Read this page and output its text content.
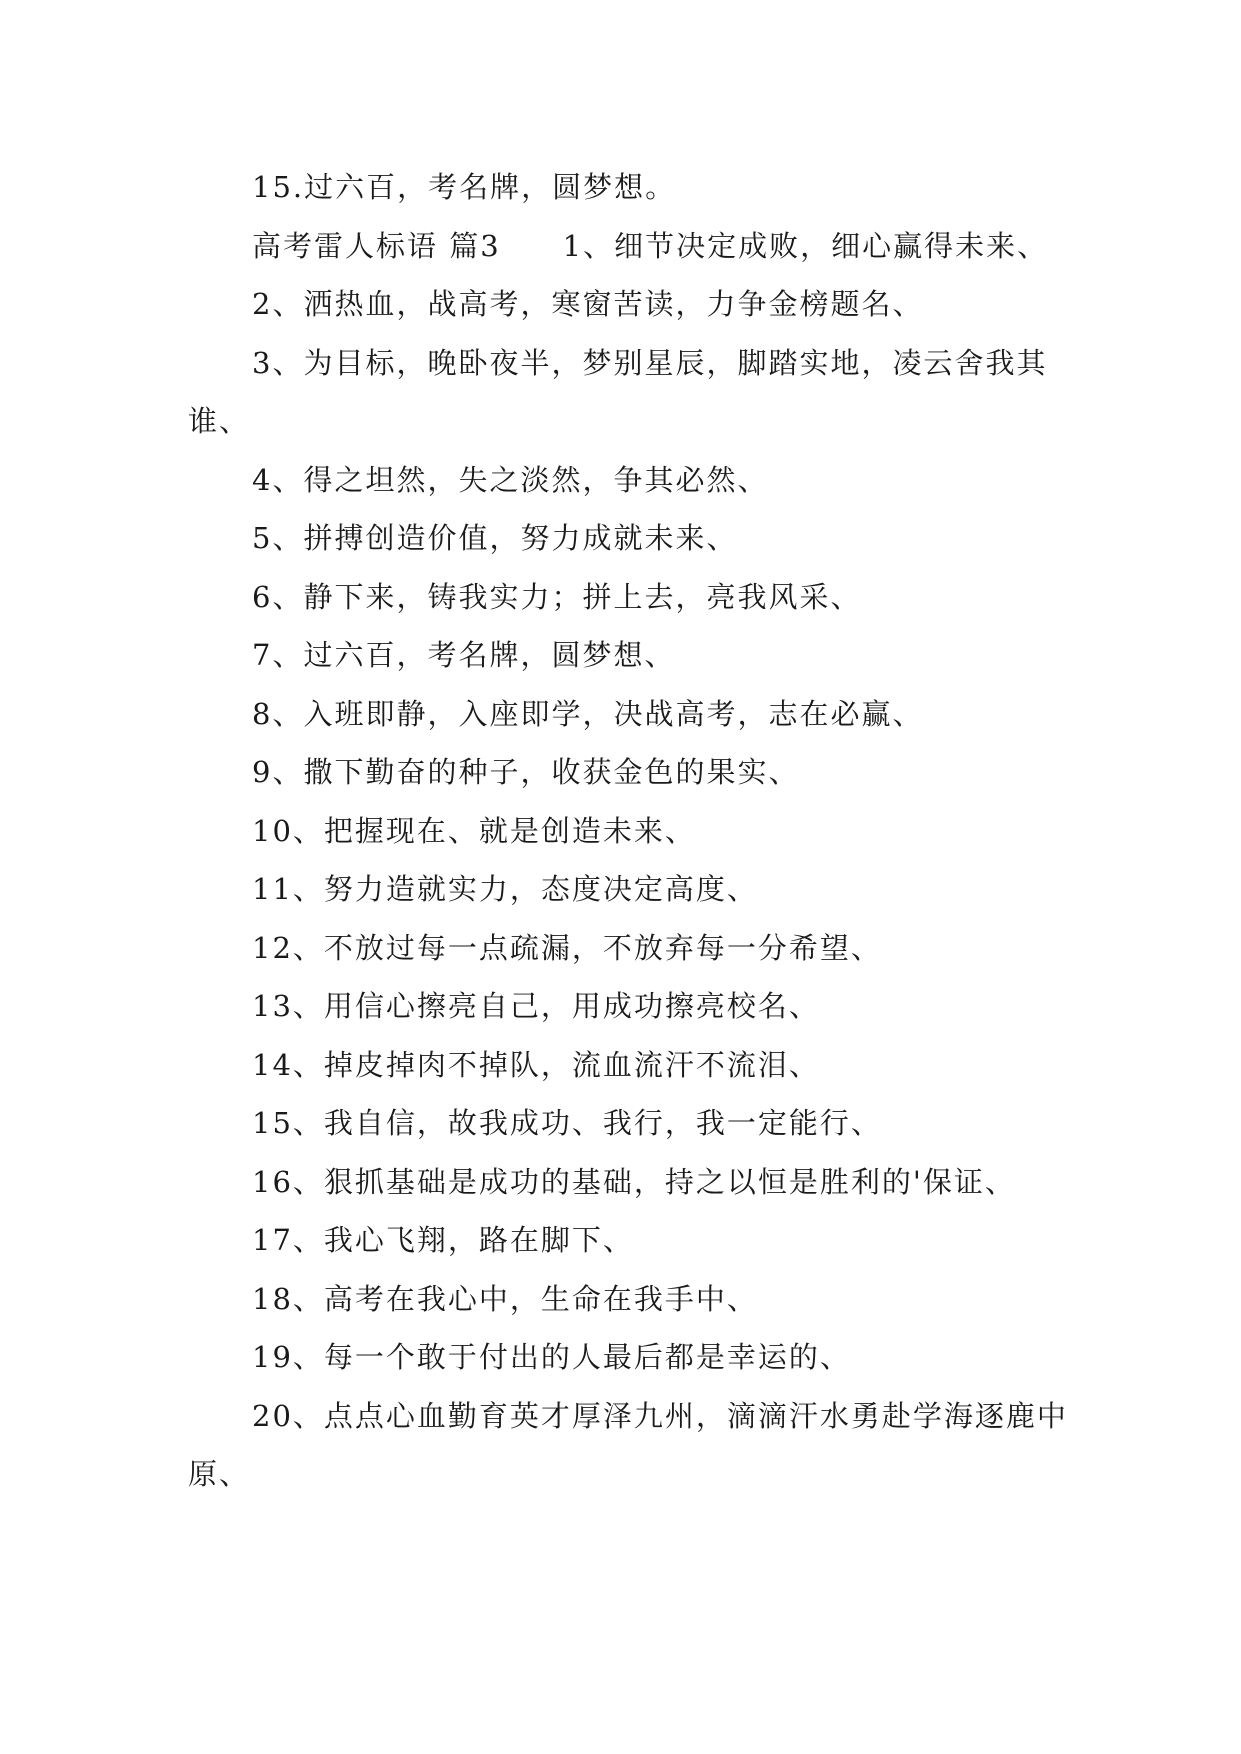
15.过六百，考名牌，圆梦想。

高考雷人标语 篇3　　1、细节决定成败，细心赢得未来、

2、洒热血，战高考，寒窗苦读，力争金榜题名、

3、为目标，晚卧夜半，梦别星辰，脚踏实地，凌云舍我其谁、

4、得之坦然，失之淡然，争其必然、

5、拼搏创造价值，努力成就未来、

6、静下来，铸我实力；拼上去，亮我风采、

7、过六百，考名牌，圆梦想、

8、入班即静，入座即学，决战高考，志在必赢、

9、撒下勤奋的种子，收获金色的果实、

10、把握现在、就是创造未来、

11、努力造就实力，态度决定高度、

12、不放过每一点疏漏，不放弃每一分希望、

13、用信心擦亮自己，用成功擦亮校名、

14、掉皮掉肉不掉队，流血流汗不流泪、

15、我自信，故我成功、我行，我一定能行、

16、狠抓基础是成功的基础，持之以恒是胜利的'保证、

17、我心飞翔，路在脚下、

18、高考在我心中，生命在我手中、

19、每一个敢于付出的人最后都是幸运的、

20、点点心血勤育英才厚泽九州，滴滴汗水勇赴学海逐鹿中原、
